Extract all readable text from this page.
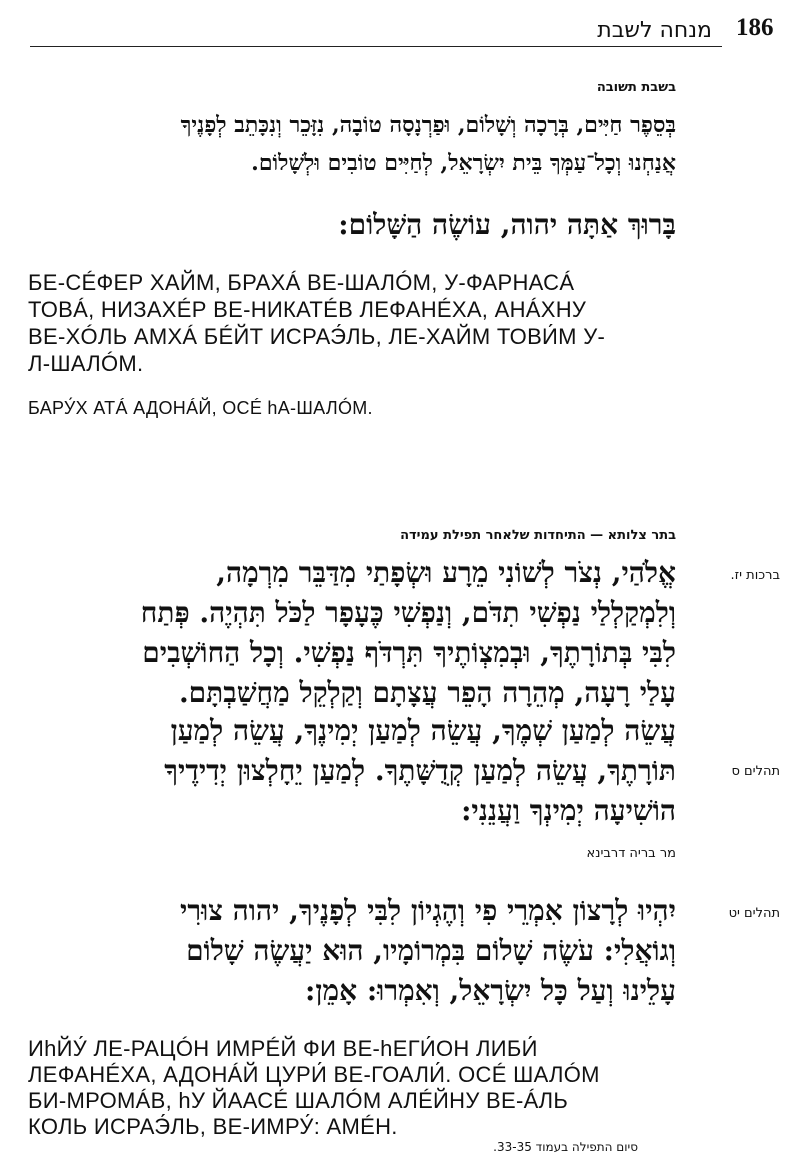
186
מנחה לשבת
בשבת תשובה
בְּסֵפֶר חַיִּים, בְּרָכָה וְשָׁלוֹם, וּפַרְנָסָה טוֹבָה, נִזָּכֵר וְנִכָּתֵב לְפָנֶיךָ
אֲנַחְנוּ וְכָל־עַמְּךָ בֵּית יִשְׂרָאֵל, לְחַיִּים טוֹבִים וּלְשָׁלוֹם.
בָּרוּךְ אַתָּה יהוה, עוֹשֶׂה הַשָּׁלוֹם:
БЕ-СÉФЕР ХАЙМ, БРАХÁ ВЕ-ШАЛÓМ, У-ФАРНАСÁ
ТОВÁ, НИЗАХÉР ВЕ-НИКАТÉВ ЛЕФАНÉХА, АНÁХНУ
ВЕ-ХÓЛЬ АМХÁ БÉЙТ ИСРАЭ́ЛЬ, ЛЕ-ХАЙМ ТОВИ́М У-
Л-ШАЛÓМ.
БАРУ́Х АТÁ АДОНÁЙ, ОСÉ hА-ШАЛÓМ.
בתר צלותא — התיחדות שלאחר תפילת עמידה
ברכות יז.
תהלים ס
אֱלֹהַי, נְצֹר לְשׁוֹנִי מֵרָע וּשְׂפָתַי מִדַּבֵּר מִרְמָה,
וְלִמְקַלְלַי נַפְשִׁי תִדֹּם, וְנַפְשִׁי כֶּעָפָר לַכֹּל תִּהְיֶה. פְּתַח
לִבִּי בְּתוֹרָתֶךָ, וּבְמִצְוֹתֶיךָ תִּרְדֹּף נַפְשִׁי. וְכָל הַחוֹשְׁבִים
עָלַי רָעָה, מְהֵרָה הָפֵר עֲצָתָם וְקַלְקֵל מַחֲשַׁבְתָּם.
עֲשֵׂה לְמַעַן שְׁמֶךָ, עֲשֵׂה לְמַעַן יְמִינֶךָ, עֲשֵׂה לְמַעַן
תּוֹרָתֶךָ, עֲשֵׂה לְמַעַן קְדֻשָּׁתֶךָ. לְמַעַן יֵחָלְצוּן יְדִידֶיךָ
הוֹשִׁיעָה יְמִינְךָ וַעֲנֵנִי:
מר בריה דרבינא
תהלים יט
יִהְיוּ לְרָצוֹן אִמְרֵי פִי וְהֶגְיוֹן לִבִּי לְפָנֶיךָ, יהוה צוּרִי
וְגוֹאֲלִי: עֹשֶׂה שָׁלוֹם בִּמְרוֹמָיו, הוּא יַעֲשֶׂה שָׁלוֹם
עָלֵינוּ וְעַל כָּל יִשְׂרָאֵל, וְאִמְרוּ: אָמֵן:
ИhЙУ́ ЛЕ-РАЦÓН ИМРÉЙ ФИ ВЕ-hЕГИ́ОН ЛИБИ́
ЛЕФАНÉХА, АДОНÁЙ ЦУРИ́ ВЕ-ГОАЛИ́. ОСÉ ШАЛÓМ
БИ-МРОМÁВ, hУ ЙААСÉ ШАЛÓМ АЛÉЙНУ ВЕ-ÁЛЬ
КОЛЬ ИСРАЭ́ЛЬ, ВЕ-ИМРУ́: АМÉН.
סיום התפילה בעמוד 33-35.
